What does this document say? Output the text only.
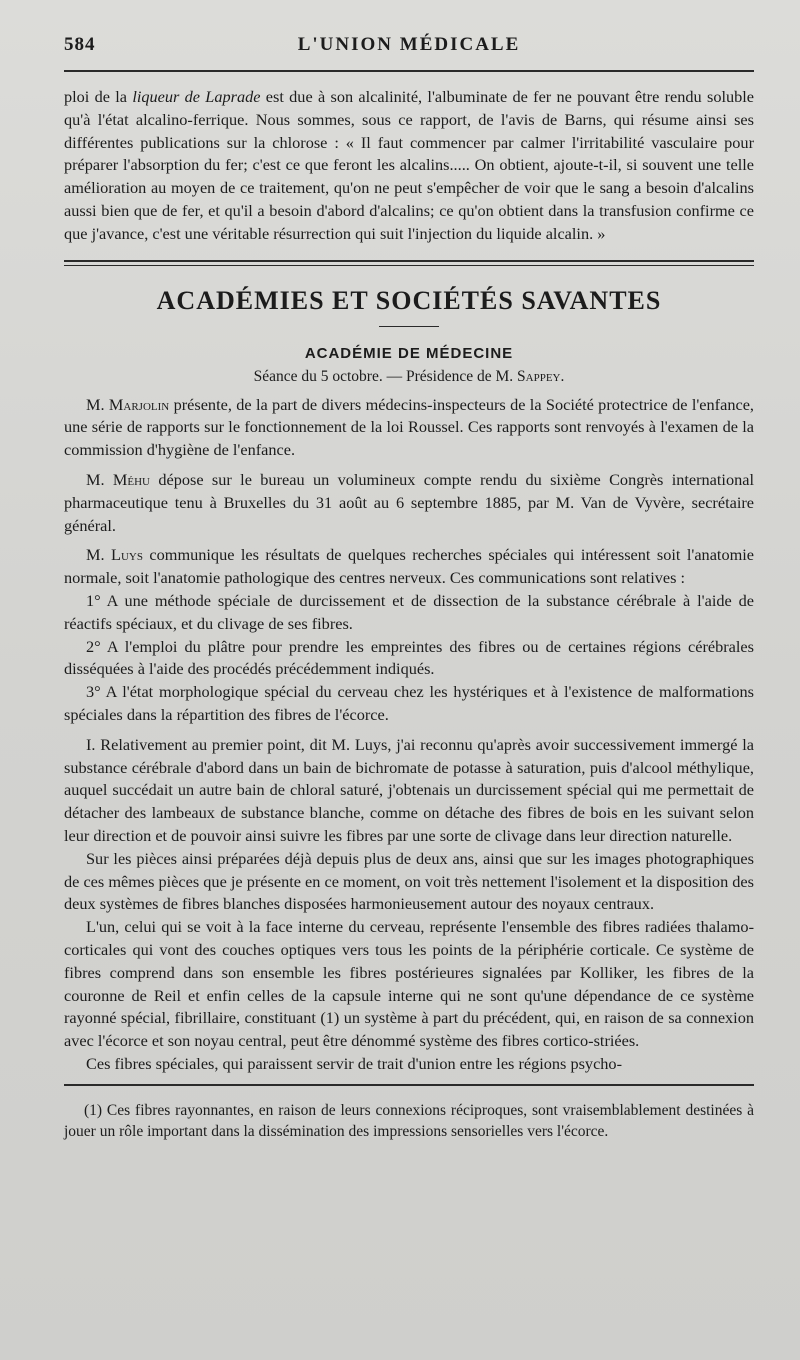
584	L'UNION MÉDICALE

ploi de la liqueur de Laprade est due à son alcalinité, l'albuminate de fer ne pouvant être rendu soluble qu'à l'état alcalino-ferrique. Nous sommes, sous ce rapport, de l'avis de Barns, qui résume ainsi ses différentes publications sur la chlorose : « Il faut commencer par calmer l'irritabilité vasculaire pour préparer l'absorption du fer; c'est ce que feront les alcalins..... On obtient, ajoute-t-il, si souvent une telle amélioration au moyen de ce traitement, qu'on ne peut s'empêcher de voir que le sang a besoin d'alcalins aussi bien que de fer, et qu'il a besoin d'abord d'alcalins; ce qu'on obtient dans la transfusion confirme ce que j'avance, c'est une véritable résurrection qui suit l'injection du liquide alcalin. »

ACADÉMIES ET SOCIÉTÉS SAVANTES
ACADÉMIE DE MÉDECINE
Séance du 5 octobre. — Présidence de M. Sappey.

M. Marjolin présente, de la part de divers médecins-inspecteurs de la Société protectrice de l'enfance, une série de rapports sur le fonctionnement de la loi Roussel. Ces rapports sont renvoyés à l'examen de la commission d'hygiène de l'enfance.

M. Méhu dépose sur le bureau un volumineux compte rendu du sixième Congrès international pharmaceutique tenu à Bruxelles du 31 août au 6 septembre 1885, par M. Van de Vyvère, secrétaire général.

M. Luys communique les résultats de quelques recherches spéciales qui intéressent soit l'anatomie normale, soit l'anatomie pathologique des centres nerveux. Ces communications sont relatives :

1° A une méthode spéciale de durcissement et de dissection de la substance cérébrale à l'aide de réactifs spéciaux, et du clivage de ses fibres.

2° A l'emploi du plâtre pour prendre les empreintes des fibres ou de certaines régions cérébrales disséquées à l'aide des procédés précédemment indiqués.

3° A l'état morphologique spécial du cerveau chez les hystériques et à l'existence de malformations spéciales dans la répartition des fibres de l'écorce.

I. Relativement au premier point, dit M. Luys, j'ai reconnu qu'après avoir successivement immergé la substance cérébrale d'abord dans un bain de bichromate de potasse à saturation, puis d'alcool méthylique, auquel succédait un autre bain de chloral saturé, j'obtenais un durcissement spécial qui me permettait de détacher des lambeaux de substance blanche, comme on détache des fibres de bois en les suivant selon leur direction et de pouvoir ainsi suivre les fibres par une sorte de clivage dans leur direction naturelle.

Sur les pièces ainsi préparées déjà depuis plus de deux ans, ainsi que sur les images photographiques de ces mêmes pièces que je présente en ce moment, on voit très nettement l'isolement et la disposition des deux systèmes de fibres blanches disposées harmonieusement autour des noyaux centraux.

L'un, celui qui se voit à la face interne du cerveau, représente l'ensemble des fibres radiées thalamo-corticales qui vont des couches optiques vers tous les points de la périphérie corticale. Ce système de fibres comprend dans son ensemble les fibres postérieures signalées par Kolliker, les fibres de la couronne de Reil et enfin celles de la capsule interne qui ne sont qu'une dépendance de ce système rayonné spécial, fibrillaire, constituant (1) un système à part du précédent, qui, en raison de sa connexion avec l'écorce et son noyau central, peut être dénommé système des fibres cortico-striées.

Ces fibres spéciales, qui paraissent servir de trait d'union entre les régions psycho-

(1) Ces fibres rayonnantes, en raison de leurs connexions réciproques, sont vraisemblablement destinées à jouer un rôle important dans la dissémination des impressions sensorielles vers l'écorce.
